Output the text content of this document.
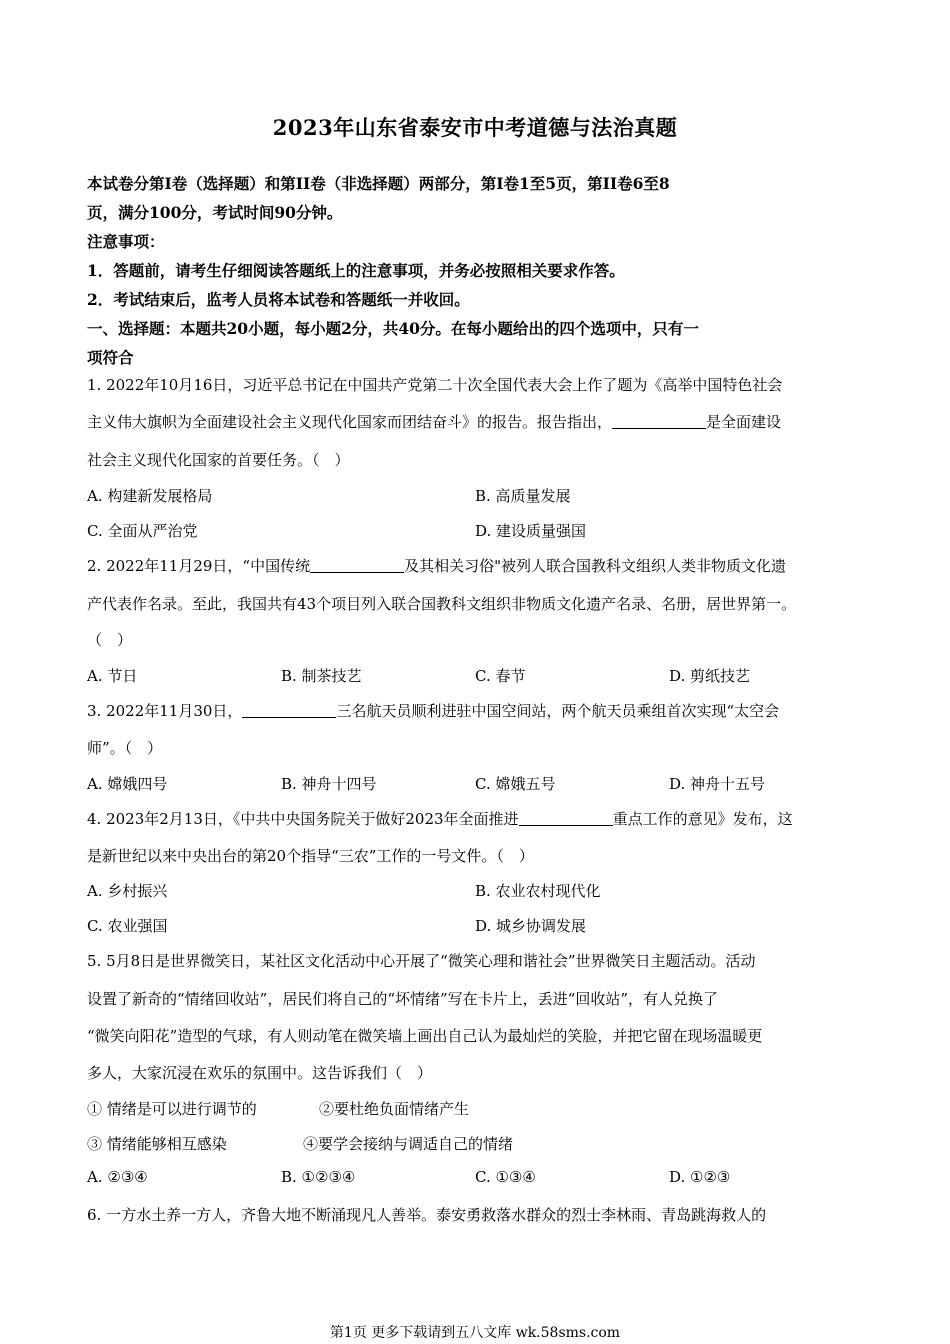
2023年山东省泰安市中考道德与法治真题
本试卷分第Ⅰ卷（选择题）和第II卷（非选择题）两部分，第I卷1至5页，第II卷6至8
页，满分100分，考试时间90分钟。
注意事项：
1．答题前，请考生仔细阅读答题纸上的注意事项，并务必按照相关要求作答。
2．考试结束后，监考人员将本试卷和答题纸一并收回。
一、选择题：本题共20小题，每小题2分，共40分。在每小题给出的四个选项中，只有一
项符合
1. 2022年10月16日，习近平总书记在中国共产党第二十次全国代表大会上作了题为《高举中国特色社会
主义伟大旗帜为全面建设社会主义现代化国家而团结奋斗》的报告。报告指出，	是全面建设
社会主义现代化国家的首要任务。（　）
A. 构建新发展格局	B. 高质量发展
C. 全面从严治党	D. 建设质量强国
2. 2022年11月29日，“中国传统	及其相关习俗"被列人联合国教科文组织人类非物质文化遗
产代表作名录。至此，我国共有43个项目列入联合国教科文组织非物质文化遗产名录、名册，居世界第一。
（　）
A. 节日	B. 制茶技艺	C. 春节	D. 剪纸技艺
3. 2022年11月30日，	三名航天员顺利进驻中国空间站，两个航天员乘组首次实现“太空会
师”。（　）
A. 嫦娥四号	B. 神舟十四号	C. 嫦娥五号	D. 神舟十五号
4. 2023年2月13日，《中共中央国务院关于做好2023年全面推进	重点工作的意见》发布，这
是新世纪以来中央出台的第20个指导“三农”工作的一号文件。（　）
A. 乡村振兴	B. 农业农村现代化
C. 农业强国	D. 城乡协调发展
5. 5月8日是世界微笑日，某社区文化活动中心开展了“微笑心理和谐社会”世界微笑日主题活动。活动
设置了新奇的“情绪回收站”，居民们将自己的“坏情绪”写在卡片上，丢进“回收站”，有人兑换了
“微笑向阳花”造型的气球，有人则动笔在微笑墙上画出自己认为最灿烂的笑脸，并把它留在现场温暖更
多人，大家沉浸在欢乐的氛围中。这告诉我们（　）
① 情绪是可以进行调节的	②要杜绝负面情绪产生
③ 情绪能够相互感染	④要学会接纳与调适自己的情绪
A. ②③④	B. ①②③④	C. ①③④	D. ①②③
6. 一方水土养一方人，齐鲁大地不断涌现凡人善举。泰安勇救落水群众的烈士李林雨、青岛跳海救人的
第1页 更多下载请到五八文库 wk.58sms.com
